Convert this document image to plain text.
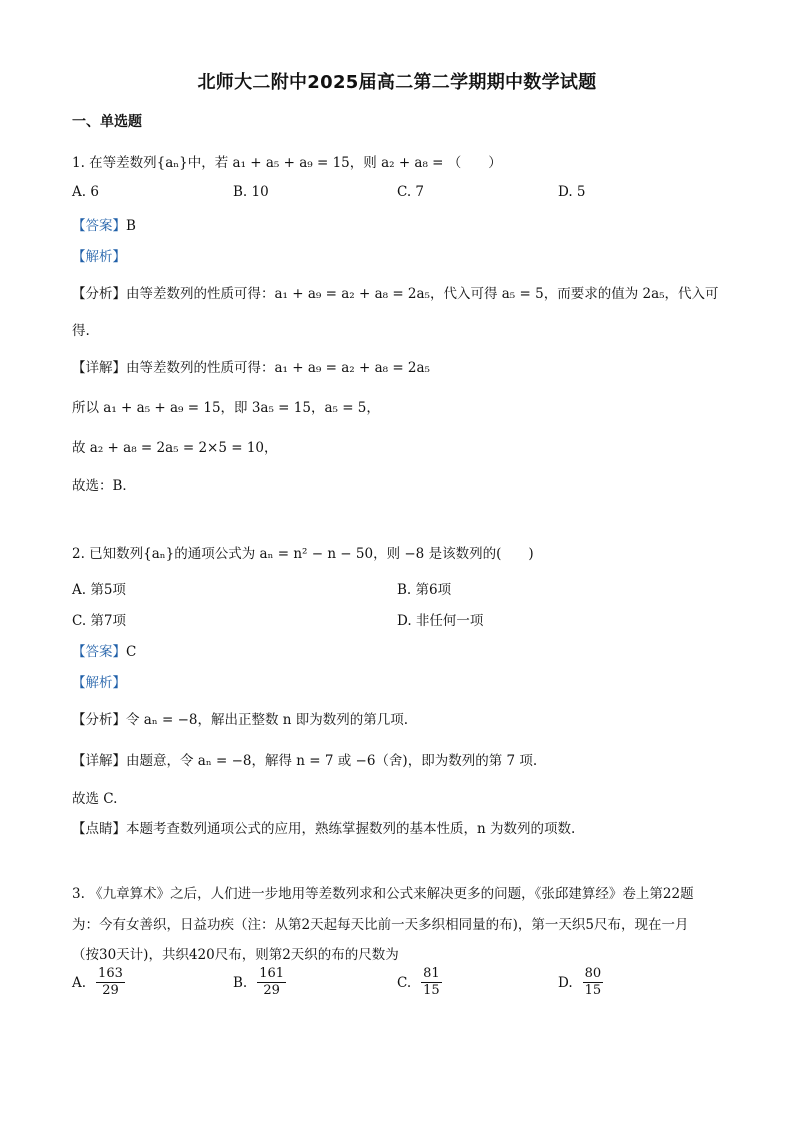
北师大二附中2025届高二第二学期期中数学试题
一、单选题
1. 在等差数列{aₙ}中，若 a₁ + a₅ + a₉ = 15，则 a₂ + a₈ = （　　）
A. 6	B. 10	C. 7	D. 5
【答案】B
【解析】
【分析】由等差数列的性质可得：a₁ + a₉ = a₂ + a₈ = 2a₅，代入可得 a₅ = 5，而要求的值为 2a₅，代入可
得.
【详解】由等差数列的性质可得：a₁ + a₉ = a₂ + a₈ = 2a₅
所以 a₁ + a₅ + a₉ = 15，即 3a₅ = 15，a₅ = 5，
故 a₂ + a₈ = 2a₅ = 2×5 = 10，
故选：B．
2. 已知数列{aₙ}的通项公式为 aₙ = n² − n − 50，则 −8 是该数列的(　　)
A. 第5项	B. 第6项
C. 第7项	D. 非任何一项
【答案】C
【解析】
【分析】令 aₙ = −8，解出正整数 n 即为数列的第几项.
【详解】由题意，令 aₙ = −8，解得 n = 7 或 −6（舍)，即为数列的第 7 项.
故选 C.
【点睛】本题考查数列通项公式的应用，熟练掌握数列的基本性质，n 为数列的项数.
3. 《九章算术》之后，人们进一步地用等差数列求和公式来解决更多的问题，《张邱建算经》卷上第22题
为：今有女善织，日益功疾（注：从第2天起每天比前一天多织相同量的布)，第一天织5尺布，现在一月
（按30天计)，共织420尺布，则第2天织的布的尺数为
A. $\frac{163}{29}$	B. $\frac{161}{29}$	C. $\frac{81}{15}$	D. $\frac{80}{15}$
